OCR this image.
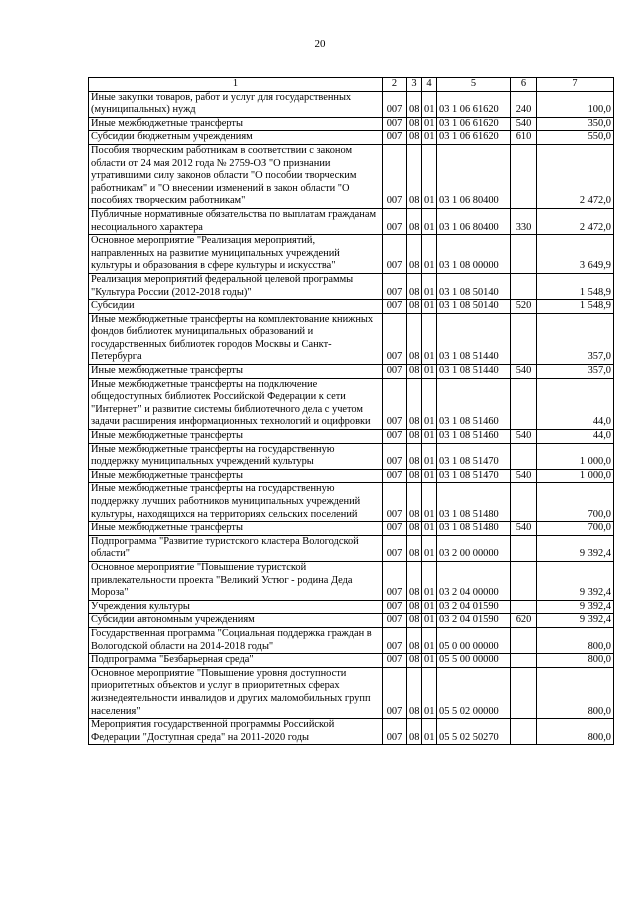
20
1	2	3	4	5	6	7
Иные закупки товаров, работ и услуг для государственных (муниципальных) нужд	007	08	01	03 1 06 61620	240	100,0
Иные межбюджетные трансферты	007	08	01	03 1 06 61620	540	350,0
Субсидии бюджетным учреждениям	007	08	01	03 1 06 61620	610	550,0
Пособия творческим работникам в соответствии с законом области от 24 мая 2012 года № 2759-ОЗ "О признании утратившими силу законов области "О пособии творческим работникам" и "О внесении изменений в закон области "О пособиях творческим работникам"	007	08	01	03 1 06 80400		2 472,0
Публичные нормативные обязательства по выплатам гражданам несоциального характера	007	08	01	03 1 06 80400	330	2 472,0
Основное мероприятие "Реализация мероприятий, направленных на развитие муниципальных учреждений культуры и образования в сфере культуры и искусства"	007	08	01	03 1 08 00000		3 649,9
Реализация мероприятий федеральной целевой программы "Культура России (2012-2018 годы)"	007	08	01	03 1 08 50140		1 548,9
Субсидии	007	08	01	03 1 08 50140	520	1 548,9
Иные межбюджетные трансферты на комплектование книжных фондов библиотек муниципальных образований и государственных библиотек городов Москвы и Санкт-Петербурга	007	08	01	03 1 08 51440		357,0
Иные межбюджетные трансферты	007	08	01	03 1 08 51440	540	357,0
Иные межбюджетные трансферты на подключение общедоступных библиотек Российской Федерации к сети "Интернет" и развитие системы библиотечного дела с учетом задачи расширения информационных технологий и оцифровки	007	08	01	03 1 08 51460		44,0
Иные межбюджетные трансферты	007	08	01	03 1 08 51460	540	44,0
Иные межбюджетные трансферты на государственную поддержку муниципальных учреждений культуры	007	08	01	03 1 08 51470		1 000,0
Иные межбюджетные трансферты	007	08	01	03 1 08 51470	540	1 000,0
Иные межбюджетные трансферты на государственную поддержку лучших работников муниципальных учреждений культуры, находящихся на территориях сельских поселений	007	08	01	03 1 08 51480		700,0
Иные межбюджетные трансферты	007	08	01	03 1 08 51480	540	700,0
Подпрограмма "Развитие туристского кластера Вологодской области"	007	08	01	03 2 00 00000		9 392,4
Основное мероприятие "Повышение туристской привлекательности проекта "Великий Устюг - родина Деда Мороза"	007	08	01	03 2 04 00000		9 392,4
Учреждения культуры	007	08	01	03 2 04 01590		9 392,4
Субсидии автономным учреждениям	007	08	01	03 2 04 01590	620	9 392,4
Государственная программа "Социальная поддержка граждан в Вологодской области на 2014-2018 годы"	007	08	01	05 0 00 00000		800,0
Подпрограмма "Безбарьерная среда"	007	08	01	05 5 00 00000		800,0
Основное мероприятие "Повышение уровня доступности приоритетных объектов и услуг в приоритетных сферах жизнедеятельности инвалидов и других маломобильных групп населения"	007	08	01	05 5 02 00000		800,0
Мероприятия государственной программы Российской Федерации "Доступная среда" на 2011-2020 годы	007	08	01	05 5 02 50270		800,0
